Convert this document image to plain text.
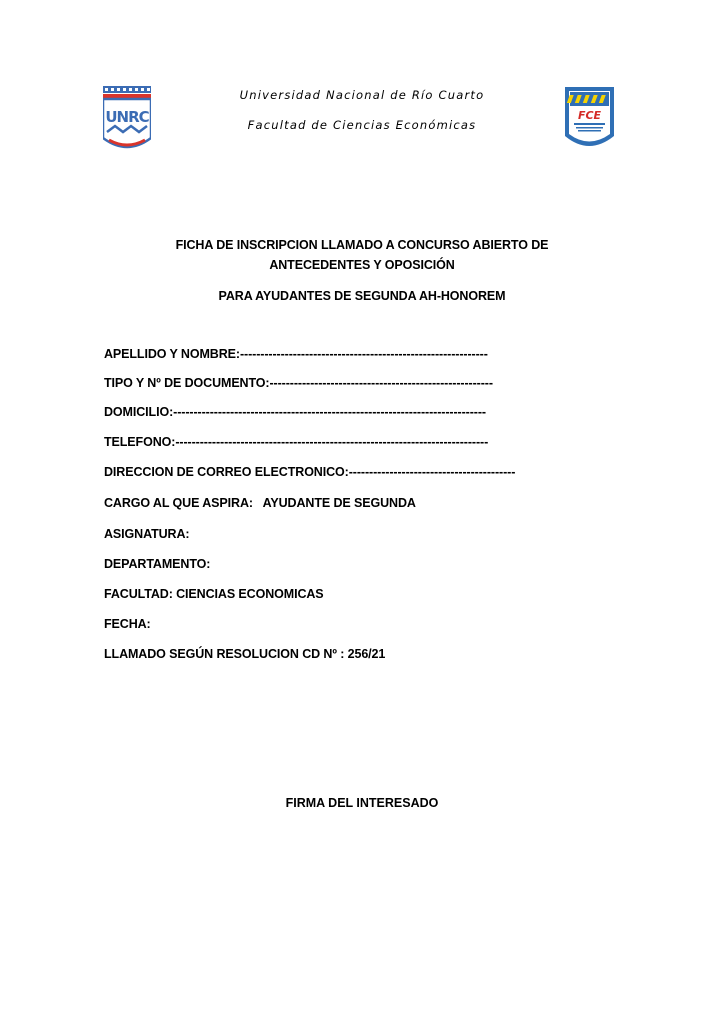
UNRC
Universidad Nacional de Río Cuarto
Facultad de Ciencias Económicas
FCE
FICHA DE INSCRIPCION LLAMADO A CONCURSO ABIERTO DE
ANTECEDENTES Y OPOSICIÓN
PARA AYUDANTES DE SEGUNDA AH-HONOREM
APELLIDO Y NOMBRE:-------------------------------------------------------------
TIPO Y Nº DE DOCUMENTO:-------------------------------------------------------
DOMICILIO:-----------------------------------------------------------------------------
TELEFONO:-----------------------------------------------------------------------------
DIRECCION DE CORREO ELECTRONICO:-----------------------------------------
CARGO AL QUE ASPIRA:   AYUDANTE DE SEGUNDA
ASIGNATURA:
DEPARTAMENTO:
FACULTAD: CIENCIAS ECONOMICAS
FECHA:
LLAMADO SEGÚN RESOLUCION CD Nº : 256/21
FIRMA DEL INTERESADO
